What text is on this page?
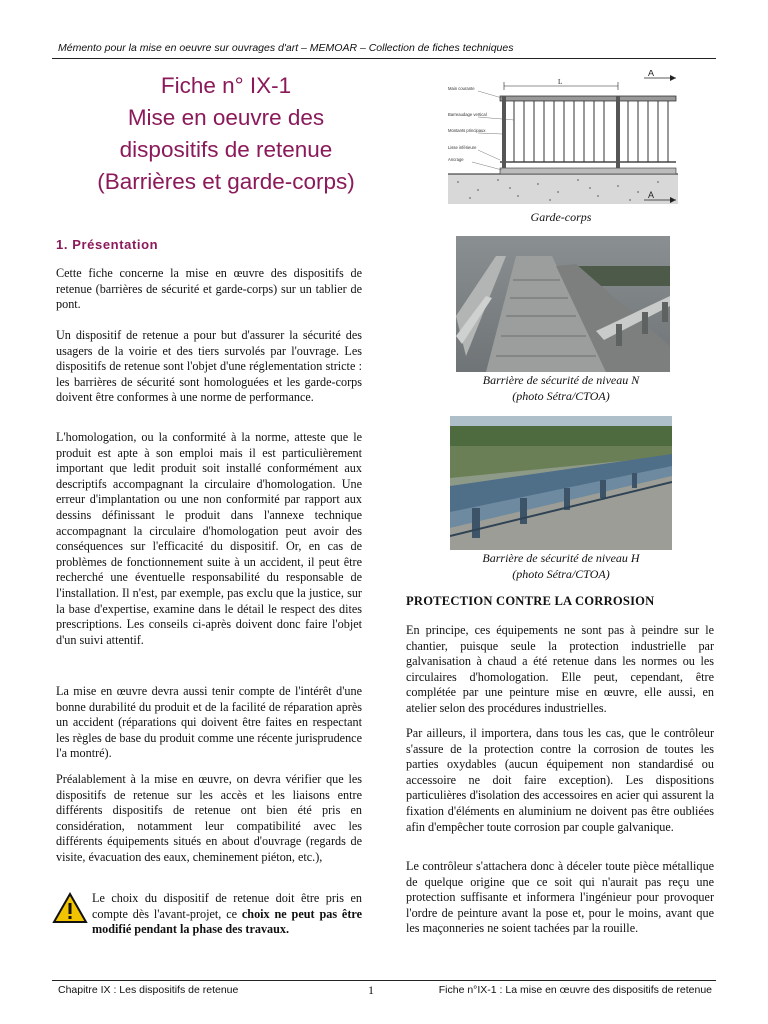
Mémento pour la mise en oeuvre sur ouvrages d'art – MEMOAR – Collection de fiches techniques
Fiche n° IX-1
Mise en oeuvre des
dispositifs de retenue
(Barrières et garde-corps)
1. Présentation
Cette fiche concerne la mise en œuvre des dispositifs de retenue (barrières de sécurité et garde-corps) sur un tablier de pont.
Un dispositif de retenue a pour but d'assurer la sécurité des usagers de la voirie et des tiers survolés par l'ouvrage. Les dispositifs de retenue sont l'objet d'une réglementation stricte : les barrières de sécurité sont homologuées et les garde-corps doivent être conformes à une norme de performance.
L'homologation, ou la conformité à la norme, atteste que le produit est apte à son emploi mais il est particulièrement important que ledit produit soit installé conformément aux descriptifs accompagnant la circulaire d'homologation. Une erreur d'implantation ou une non conformité par rapport aux dessins définissant le produit dans l'annexe technique accompagnant la circulaire d'homologation peut avoir des conséquences sur l'efficacité du dispositif. Or, en cas de problèmes de fonctionnement suite à un accident, il peut être recherché une éventuelle responsabilité du responsable de l'installation. Il n'est, par exemple, pas exclu que la justice, sur la base d'expertise, examine dans le détail le respect des dites prescriptions. Les conseils ci-après doivent donc faire l'objet d'un suivi attentif.
La mise en œuvre devra aussi tenir compte de l'intérêt d'une bonne durabilité du produit et de la facilité de réparation après un accident (réparations qui doivent être faites en respectant les règles de base du produit comme une récente jurisprudence l'a montré).
Préalablement à la mise en œuvre, on devra vérifier que les dispositifs de retenue sur les accès et les liaisons entre différents dispositifs de retenue ont bien été pris en considération, notamment leur compatibilité avec les différents équipements situés en about d'ouvrage (regards de visite, évacuation des eaux, cheminement piéton, etc.),
Le choix du dispositif de retenue doit être pris en compte dès l'avant-projet, ce choix ne peut pas être modifié pendant la phase des travaux.
L
A
A
Main courante
Barreaudage vertical
Montants principaux
Lisse inférieure
Ancrage
Garde-corps
Barrière de sécurité de niveau N
(photo Sétra/CTOA)
Barrière de sécurité de niveau H
(photo Sétra/CTOA)
PROTECTION CONTRE LA CORROSION
En principe, ces équipements ne sont pas à peindre sur le chantier, puisque seule la protection industrielle par galvanisation à chaud a été retenue dans les normes ou les circulaires d'homologation. Elle peut, cependant, être complétée par une peinture mise en œuvre, elle aussi, en atelier selon des procédures industrielles.
Par ailleurs, il importera, dans tous les cas, que le contrôleur s'assure de la protection contre la corrosion de toutes les parties oxydables (aucun équipement non standardisé ou accessoire ne doit faire exception). Les dispositions particulières d'isolation des accessoires en acier qui assurent la fixation d'éléments en aluminium ne doivent pas être oubliées afin d'empêcher toute corrosion par couple galvanique.
Le contrôleur s'attachera donc à déceler toute pièce métallique de quelque origine que ce soit qui n'aurait pas reçu une protection suffisante et informera l'ingénieur pour provoquer l'ordre de peinture avant la pose et, pour le moins, avant que les maçonneries ne soient tachées par la rouille.
Chapitre IX : Les dispositifs de retenue	1	Fiche n°IX-1 : La mise en œuvre des dispositifs de retenue
